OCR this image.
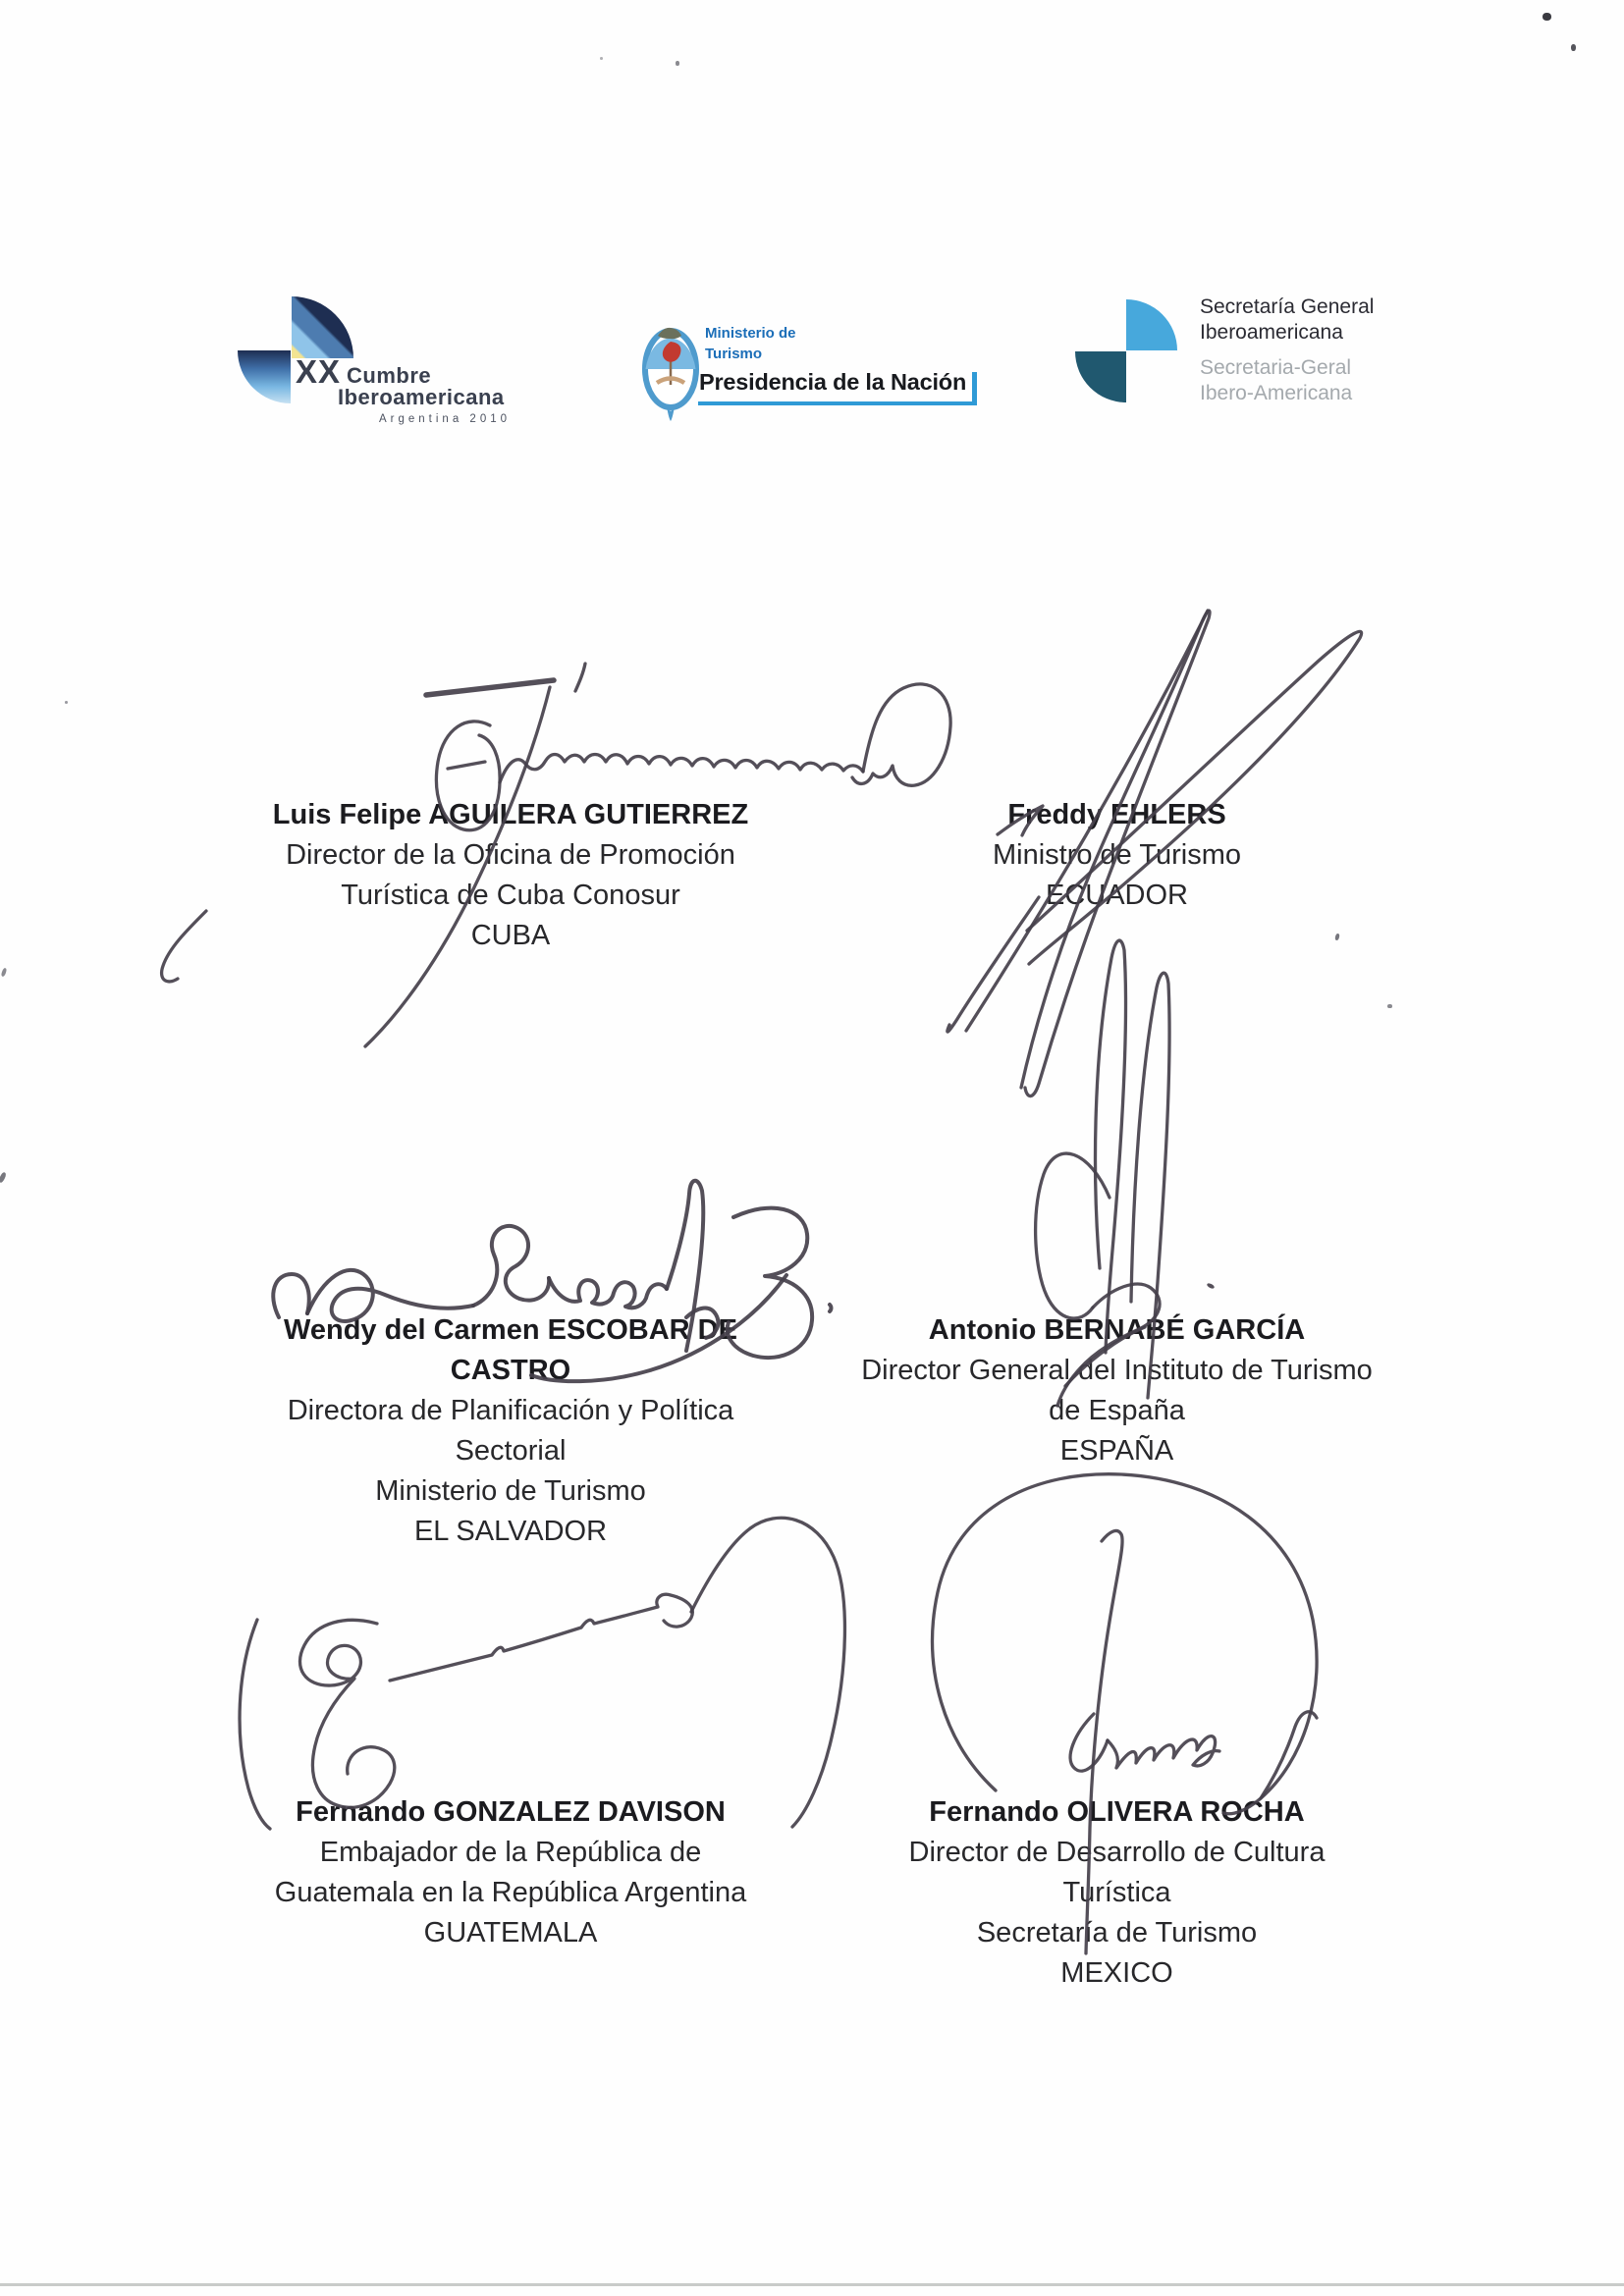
XX Cumbre
Iberoamericana
Argentina 2010
Ministerio de
Turismo
Presidencia de la Nación
Secretaría General
Iberoamericana
Secretaria-Geral
Ibero-Americana
Luis Felipe AGUILERA GUTIERREZ
Director de la Oficina de Promoción
Turística de Cuba Conosur
CUBA
Freddy EHLERS
Ministro de Turismo
ECUADOR
Wendy del Carmen ESCOBAR DE CASTRO
Directora de Planificación y Política
Sectorial
Ministerio de Turismo
EL SALVADOR
Antonio BERNABÉ GARCÍA
Director General del Instituto de Turismo
de España
ESPAÑA
Fernando GONZALEZ DAVISON
Embajador de la República de
Guatemala en la República Argentina
GUATEMALA
Fernando OLIVERA ROCHA
Director de Desarrollo de Cultura
Turística
Secretaría de Turismo
MEXICO
